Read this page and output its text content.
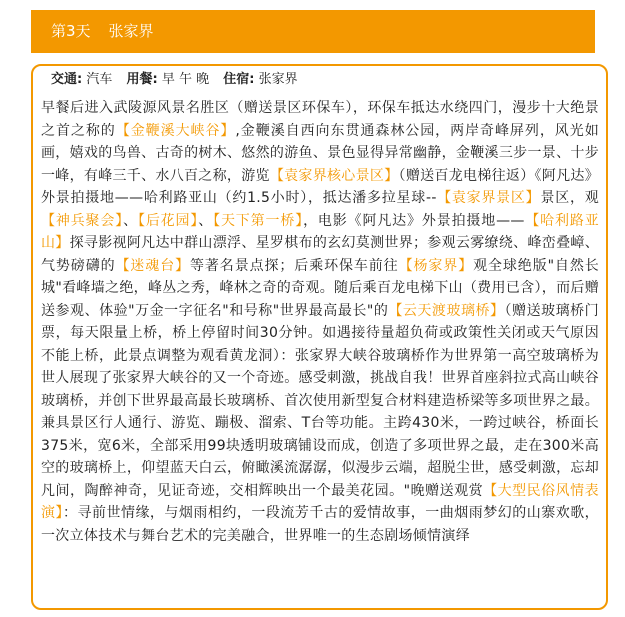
第3天 张家界
交通: 汽车 用餐: 早 午 晚 住宿: 张家界
早餐后进入武陵源风景名胜区（赠送景区环保车），环保车抵达水绕四门，漫步十大绝景之首之称的【金鞭溪大峡谷】,金鞭溪自西向东贯通森林公园，两岸奇峰屏列，风光如画，嬉戏的鸟兽、古奇的树木、悠然的游鱼、景色显得异常幽静，金鞭溪三步一景、十步一峰，有峰三千、水八百之称，游览【袁家界核心景区】（赠送百龙电梯往返）《阿凡达》外景拍摄地——哈利路亚山（约1.5小时），抵达潘多拉星球--【袁家界景区】景区，观【神兵聚会】、【后花园】、【天下第一桥】，电影《阿凡达》外景拍摄地——【哈利路亚山】探寻影视阿凡达中群山漂浮、星罗棋布的玄幻莫测世界；参观云雾缭绕、峰峦叠嶂、气势磅礴的【迷魂台】等著名景点探；后乘环保车前往【杨家界】观全球绝版"自然长城"看峰墙之绝，峰丛之秀，峰林之奇的奇观。随后乘百龙电梯下山（费用已含），而后赠送参观、体验"万金一字征名"和号称"世界最高最长"的【云天渡玻璃桥】（赠送玻璃桥门票，每天限量上桥，桥上停留时间30分钟。如遇接待量超负荷或政策性关闭或天气原因不能上桥，此景点调整为观看黄龙洞）：张家界大峡谷玻璃桥作为世界第一高空玻璃桥为世人展现了张家界大峡谷的又一个奇迹。感受刺激，挑战自我！世界首座斜拉式高山峡谷玻璃桥，并创下世界最高最长玻璃桥、首次使用新型复合材料建造桥梁等多项世界之最。兼具景区行人通行、游览、蹦极、溜索、T台等功能。主跨430米，一跨过峡谷，桥面长375米，宽6米，全部采用99块透明玻璃铺设而成，创造了多项世界之最，走在300米高空的玻璃桥上，仰望蓝天白云，俯瞰溪流潺潺，似漫步云端，超脱尘世，感受刺激，忘却凡间，陶醉神奇，见证奇迹，交相辉映出一个最美花园。"晚赠送观赏【大型民俗风情表演】：寻前世情缘，与烟雨相约，一段流芳千古的爱情故事，一曲烟雨梦幻的山寨欢歌，一次立体技术与舞台艺术的完美融合，世界唯一的生态剧场倾情演绎
